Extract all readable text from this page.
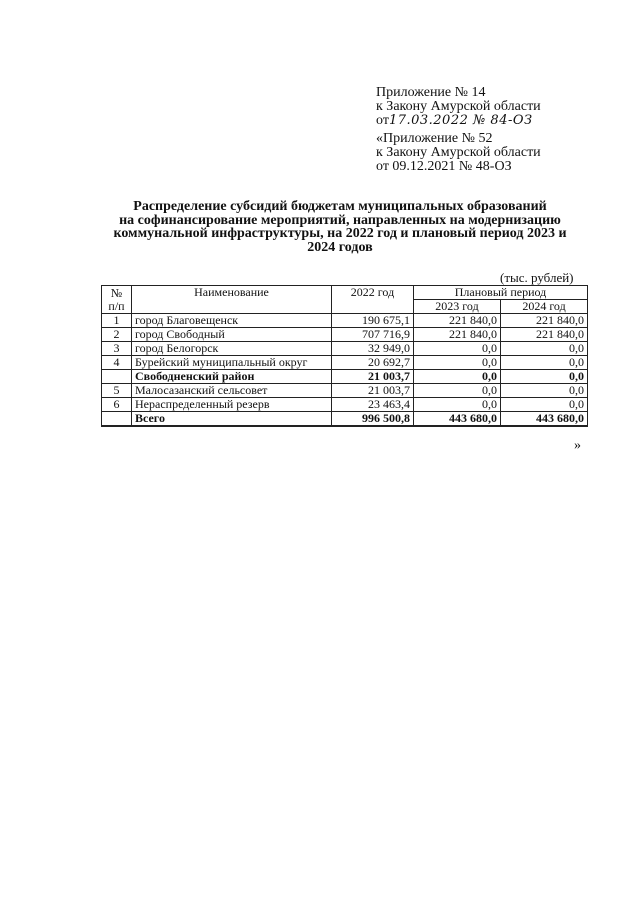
Приложение № 14
к Закону Амурской области
от17.03.2022 № 84-ОЗ
«Приложение № 52
к Закону Амурской области
от 09.12.2021 № 48-ОЗ
Распределение субсидий бюджетам муниципальных образований
на софинансирование мероприятий, направленных на модернизацию
коммунальной инфраструктуры, на 2022 год и плановый период 2023 и
2024 годов
(тыс. рублей)
№ п/п	Наименование	2022 год	Плановый период	
			2023 год	2024 год
1	город Благовещенск	190 675,1	221 840,0	221 840,0
2	город Свободный	707 716,9	221 840,0	221 840,0
3	город Белогорск	32 949,0	0,0	0,0
4	Бурейский муниципальный округ	20 692,7	0,0	0,0
	Свободненский район	21 003,7	0,0	0,0
5	Малосазанский сельсовет	21 003,7	0,0	0,0
6	Нераспределенный резерв	23 463,4	0,0	0,0
	Всего	996 500,8	443 680,0	443 680,0
»
